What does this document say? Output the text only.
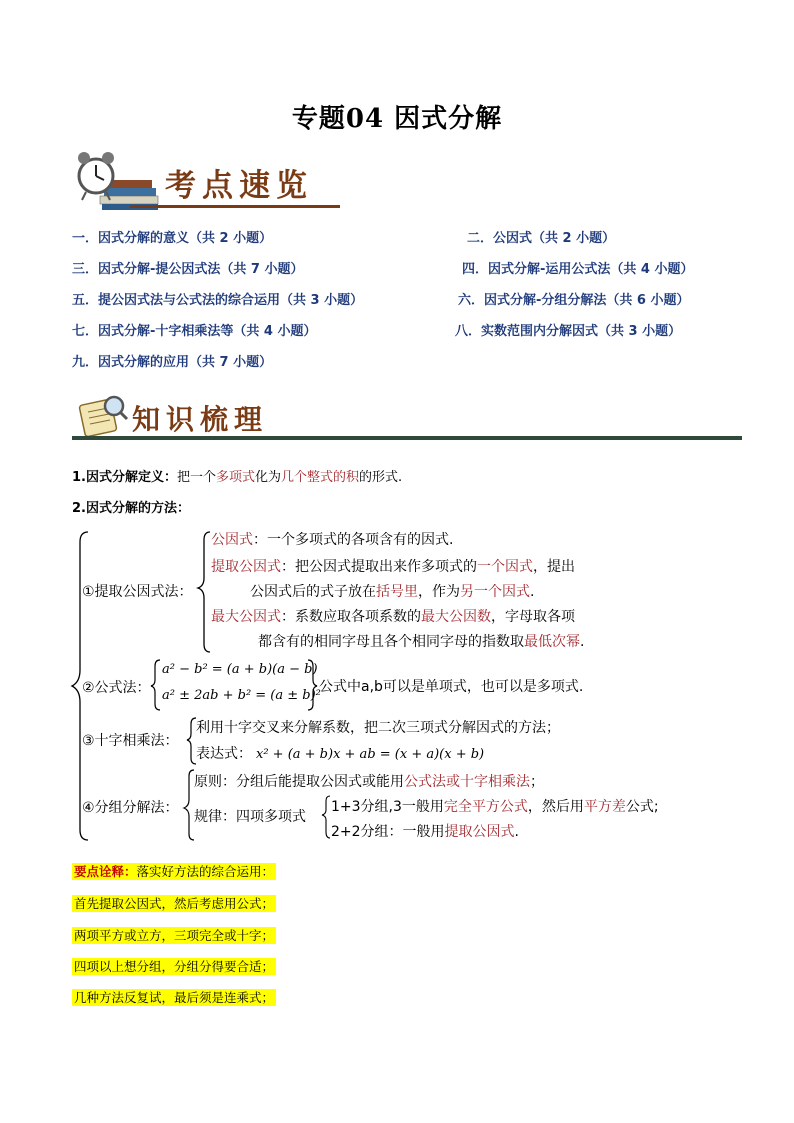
专题04 因式分解
考点速览
一．因式分解的意义（共 2 小题）	二．公因式（共 2 小题）
三．因式分解-提公因式法（共 7 小题）	四．因式分解-运用公式法（共 4 小题）
五．提公因式法与公式法的综合运用（共 3 小题）	六．因式分解-分组分解法（共 6 小题）
七．因式分解-十字相乘法等（共 4 小题）	八．实数范围内分解因式（共 3 小题）
九．因式分解的应用（共 7 小题）
知识梳理
1.因式分解定义：把一个多项式化为几个整式的积的形式.
2.因式分解的方法：
①提取公因式法：
公因式：一个多项式的各项含有的因式.
提取公因式：把公因式提取出来作多项式的一个因式，提出
公因式后的式子放在括号里，作为另一个因式.
最大公因式：系数应取各项系数的最大公因数，字母取各项
都含有的相同字母且各个相同字母的指数取最低次幂.
②公式法：
a² − b² = (a + b)(a − b)
a² ± 2ab + b² = (a ± b)²
公式中a,b可以是单项式，也可以是多项式.
③十字相乘法：
利用十字交叉来分解系数，把二次三项式分解因式的方法；
表达式： x² + (a + b)x + ab = (x + a)(x + b)
④分组分解法：
原则：分组后能提取公因式或能用公式法或十字相乘法；
规律：四项多项式
1+3分组,3一般用完全平方公式，然后用平方差公式;
2+2分组：一般用提取公因式.
要点诠释：落实好方法的综合运用：
首先提取公因式，然后考虑用公式；
两项平方或立方，三项完全或十字；
四项以上想分组，分组分得要合适；
几种方法反复试，最后须是连乘式；
